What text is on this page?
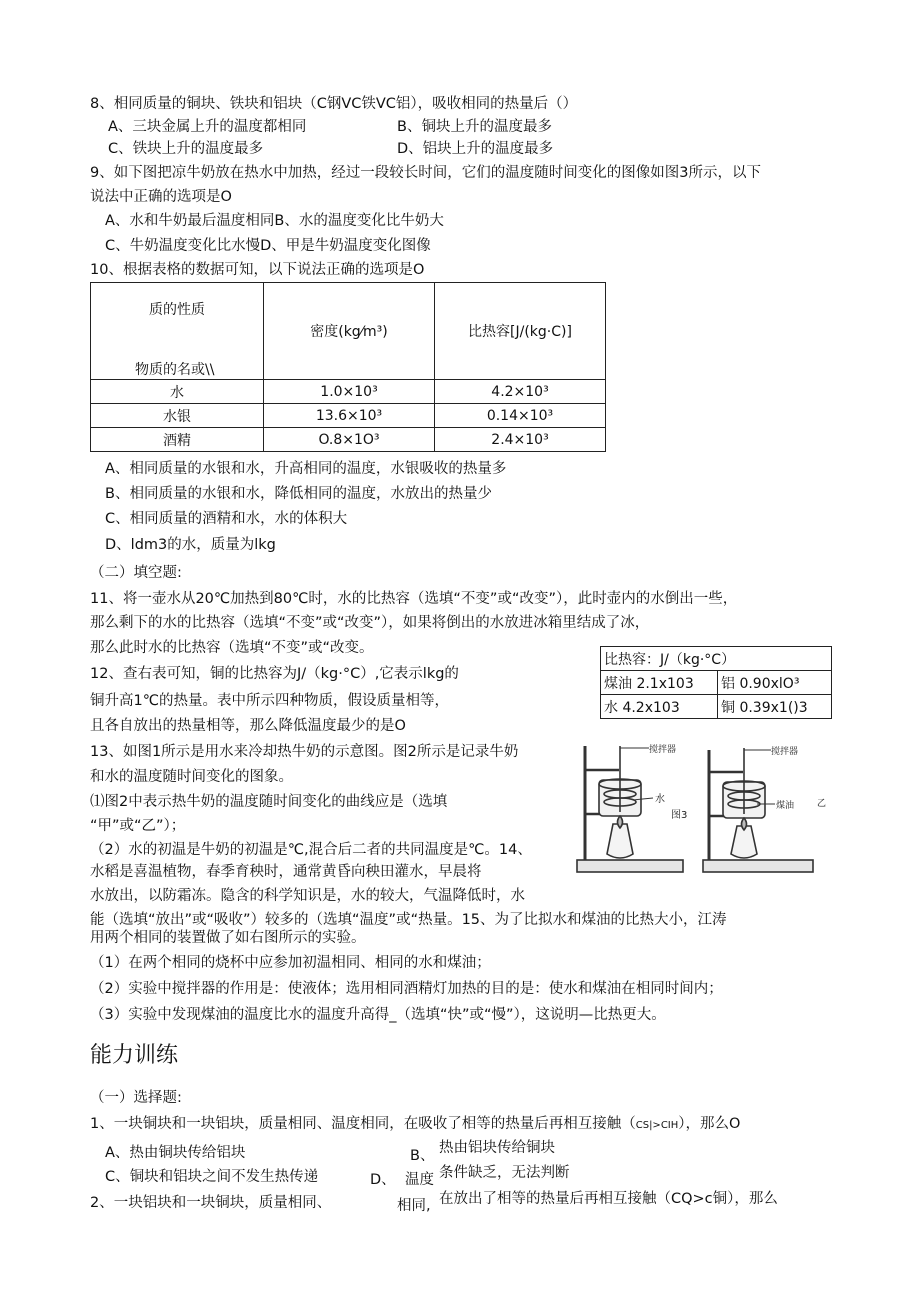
8、相同质量的铜块、铁块和铝块（C钢VC铁VC铝），吸收相同的热量后（）
A、三块金属上升的温度都相同	B、铜块上升的温度最多
C、铁块上升的温度最多	D、铝块上升的温度最多
9、如下图把凉牛奶放在热水中加热，经过一段较长时间，它们的温度随时间变化的图像如图3所示，以下
说法中正确的选项是O
A、水和牛奶最后温度相同B、水的温度变化比牛奶大
C、牛奶温度变化比水慢D、甲是牛奶温度变化图像
10、根据表格的数据可知，以下说法正确的选项是O
质的性质
物质的名或\\	密度(kg⁄m³)	比热容[J/(kg·C)]
水	1.0×10³	4.2×10³
水银	13.6×10³	0.14×10³
酒精	O.8×1O³	2.4×10³
A、相同质量的水银和水，升高相同的温度，水银吸收的热量多
B、相同质量的水银和水，降低相同的温度，水放出的热量少
C、相同质量的酒精和水，水的体积大
D、ldm3的水，质量为lkg
（二）填空题:
11、将一壶水从20℃加热到80℃时，水的比热容（选填“不变”或“改变”），此时壶内的水倒出一些，
那么剩下的水的比热容（选填“不变”或“改变”），如果将倒出的水放进冰箱里结成了冰，
那么此时水的比热容（选填“不变”或“改变。
12、查右表可知，铜的比热容为J/（kg·°C）,它表示lkg的
铜升高1℃的热量。表中所示四种物质，假设质量相等，
且各自放出的热量相等，那么降低温度最少的是O
比热容：J/（kg·°C）	
煤油 2.1x103	铝 0.90xlO³
水 4.2x103	铜 0.39x1()3
13、如图1所示是用水来冷却热牛奶的示意图。图2所示是记录牛奶
和水的温度随时间变化的图象。
⑴图2中表示热牛奶的温度随时间变化的曲线应是（选填
“甲”或“乙”）；
（2）水的初温是牛奶的初温是℃,混合后二者的共同温度是℃。14、
水稻是喜温植物，春季育秧时，通常黄昏向秧田灌水，早晨将
水放出，以防霜冻。隐含的科学知识是，水的较大，气温降低时，水
能（选填“放出”或“吸收”）较多的（选填“温度”或“热量。15、为了比拟水和煤油的比热大小，江涛
用两个相同的装置做了如右图所示的实验。
（1）在两个相同的烧杯中应参加初温相同、相同的水和煤油；
（2）实验中搅拌器的作用是：使液体；选用相同酒精灯加热的目的是：使水和煤油在相同时间内；
（3）实验中发现煤油的温度比水的温度升高得_（选填“快”或“慢”），这说明—比热更大。
搅拌器
水
图3
搅拌器
煤油	乙
能力训练
（一）选择题:
1、一块铜块和一块铝块，质量相同、温度相同，在吸收了相等的热量后再相互接触（CS|>CIH），那么O
A、热由铜块传给铝块	B、 热由铝块传给铜块
C、铜块和铝块之间不发生热传递	D、 温度 条件缺乏，无法判断
2、一块铝块和一块铜块，质量相同、	相同, 在放出了相等的热量后再相互接触（CQ>c铜），那么
